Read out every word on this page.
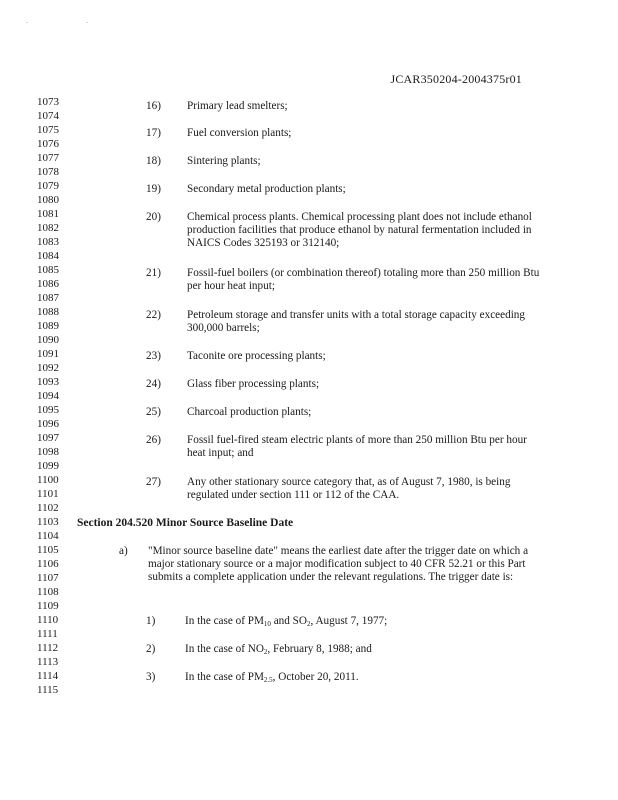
. .
JCAR350204-2004375r01
1073
1074
1075
1076
1077
1078
1079
1080
1081
1082
1083
1084
1085
1086
1087
1088
1089
1090
1091
1092
1093
1094
1095
1096
1097
1098
1099
1100
1101
1102
1103
1104
1105
1106
1107
1108
1109
1110
1111
1112
1113
1114
1115
16) Primary lead smelters;
17) Fuel conversion plants;
18) Sintering plants;
19) Secondary metal production plants;
20) Chemical process plants. Chemical processing plant does not include ethanol production facilities that produce ethanol by natural fermentation included in NAICS Codes 325193 or 312140;
21) Fossil-fuel boilers (or combination thereof) totaling more than 250 million Btu per hour heat input;
22) Petroleum storage and transfer units with a total storage capacity exceeding 300,000 barrels;
23) Taconite ore processing plants;
24) Glass fiber processing plants;
25) Charcoal production plants;
26) Fossil fuel-fired steam electric plants of more than 250 million Btu per hour heat input; and
27) Any other stationary source category that, as of August 7, 1980, is being regulated under section 111 or 112 of the CAA.
Section 204.520 Minor Source Baseline Date
a) "Minor source baseline date" means the earliest date after the trigger date on which a major stationary source or a major modification subject to 40 CFR 52.21 or this Part submits a complete application under the relevant regulations. The trigger date is:
1)	In the case of $PM_{10}$ and $SO_2$, August 7, 1977;
2)	In the case of $NO_2$, February 8, 1988; and
3)	In the case of $PM_{2.5}$, October 20, 2011.
